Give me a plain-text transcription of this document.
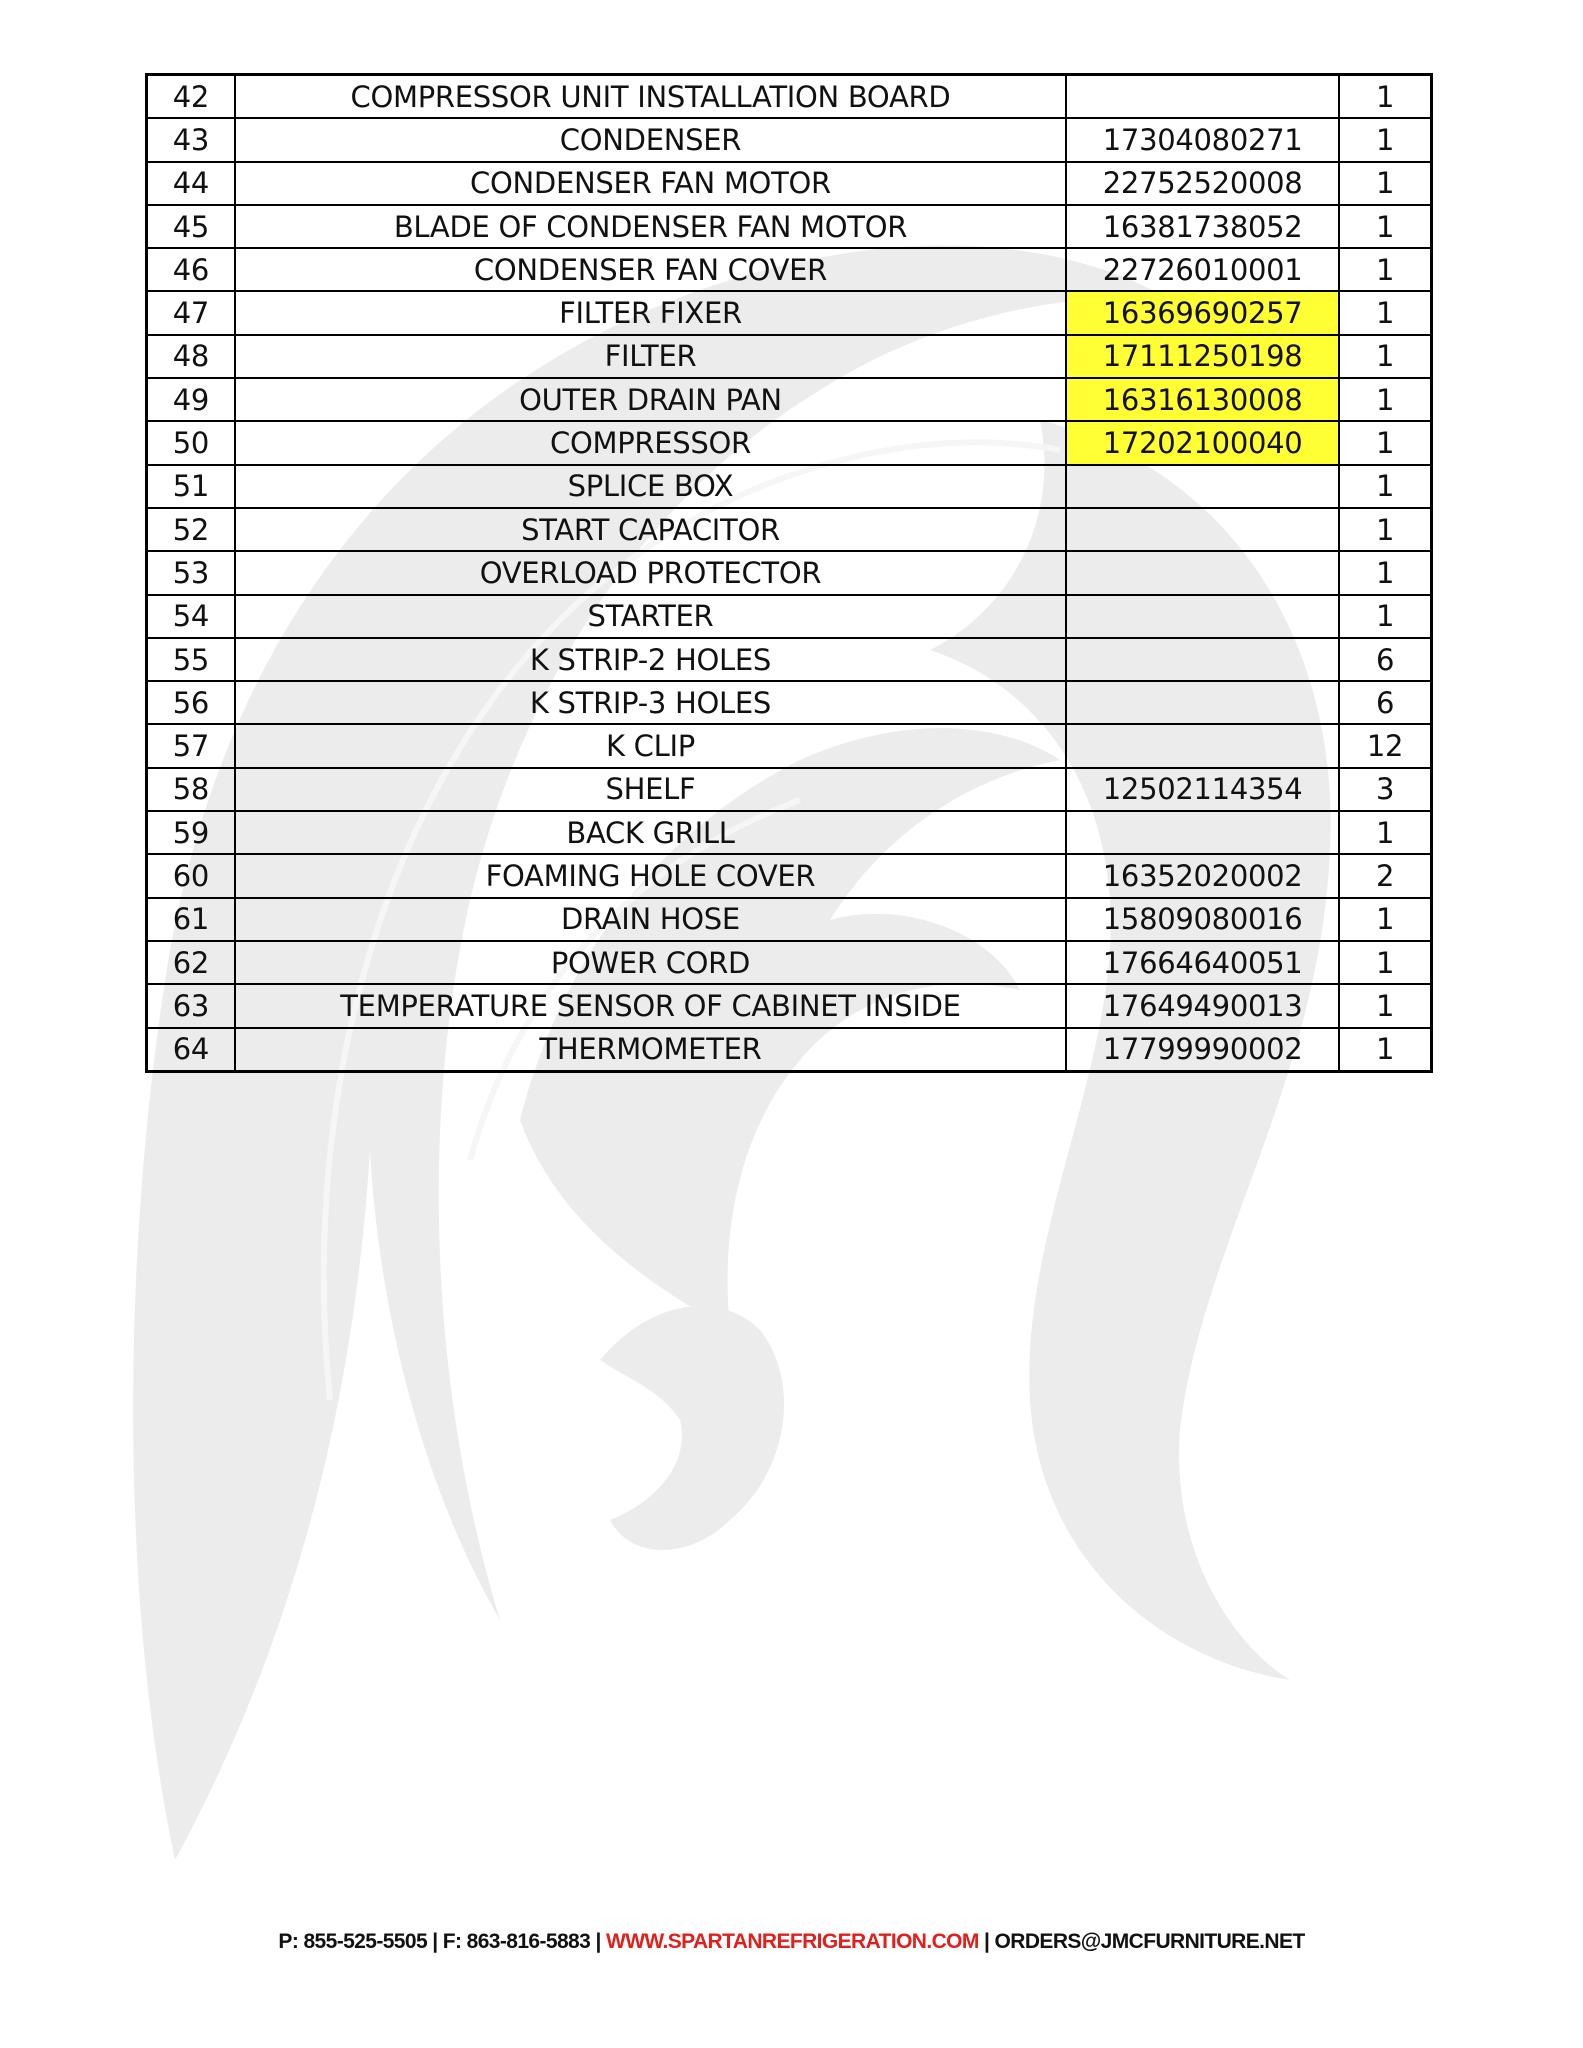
42	COMPRESSOR UNIT INSTALLATION BOARD		1
43	CONDENSER	17304080271	1
44	CONDENSER FAN MOTOR	22752520008	1
45	BLADE OF CONDENSER FAN MOTOR	16381738052	1
46	CONDENSER FAN COVER	22726010001	1
47	FILTER FIXER	16369690257	1
48	FILTER	17111250198	1
49	OUTER DRAIN PAN	16316130008	1
50	COMPRESSOR	17202100040	1
51	SPLICE BOX		1
52	START CAPACITOR		1
53	OVERLOAD PROTECTOR		1
54	STARTER		1
55	K STRIP-2 HOLES		6
56	K STRIP-3 HOLES		6
57	K CLIP		12
58	SHELF	12502114354	3
59	BACK GRILL		1
60	FOAMING HOLE COVER	16352020002	2
61	DRAIN HOSE	15809080016	1
62	POWER CORD	17664640051	1
63	TEMPERATURE SENSOR OF CABINET INSIDE	17649490013	1
64	THERMOMETER	17799990002	1
P: 855-525-5505 | F: 863-816-5883 | WWW.SPARTANREFRIGERATION.COM | ORDERS@JMCFURNITURE.NET
